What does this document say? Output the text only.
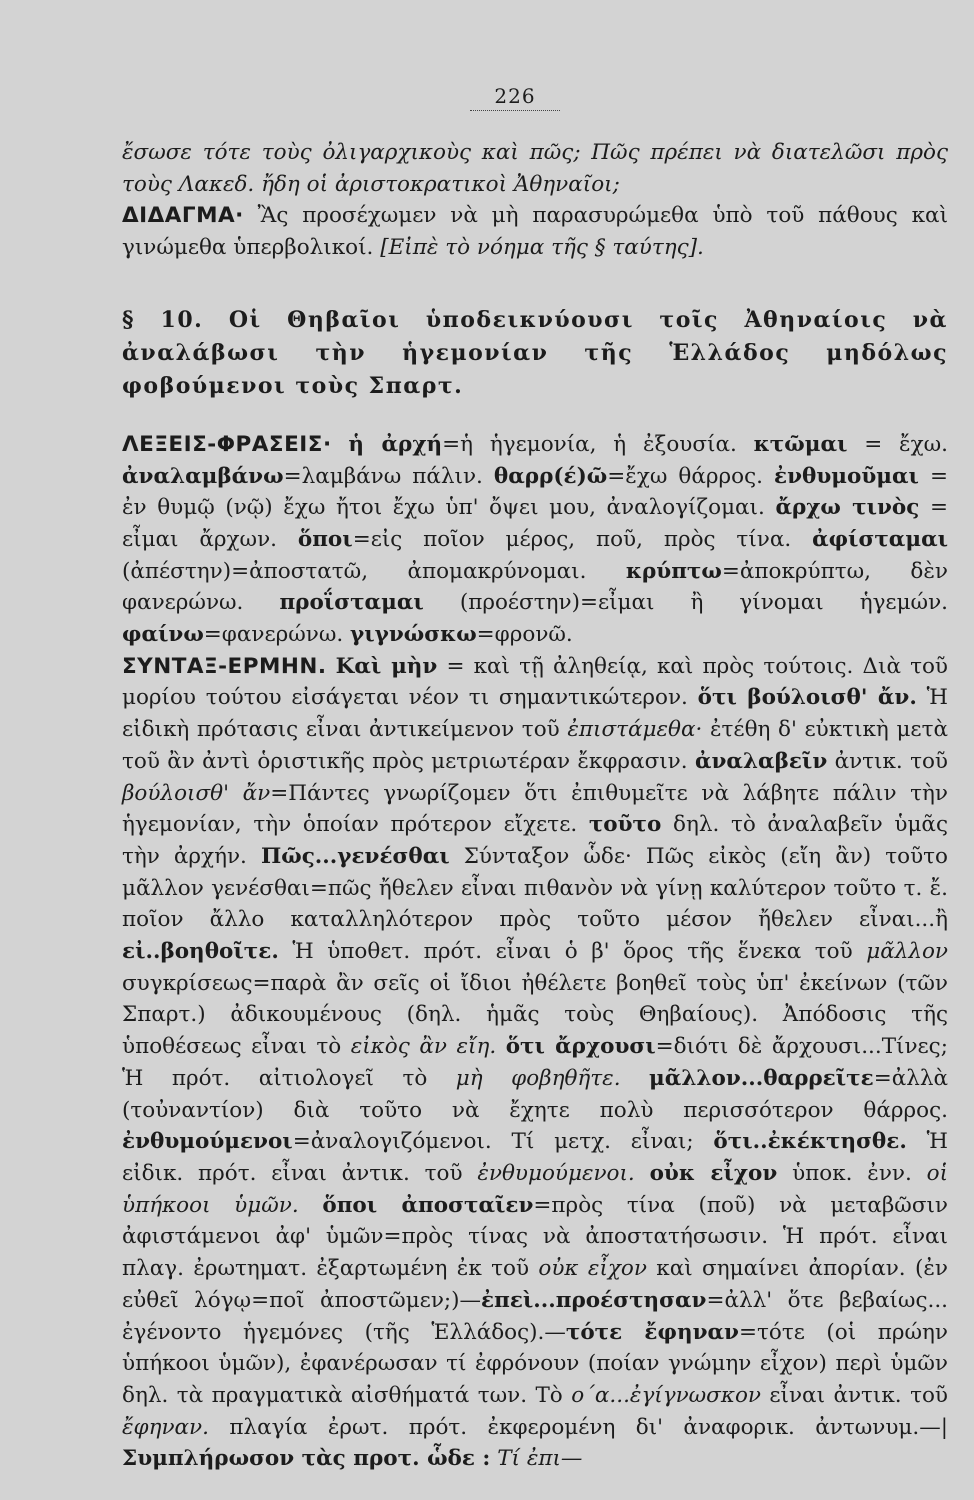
226

ἔσωσε τότε τοὺς ὀλιγαρχικοὺς καὶ πῶς; Πῶς πρέπει νὰ διατελῶσι πρὸς τοὺς Λακεδ. ἤδη οἱ ἀριστοκρατικοὶ Ἀθηναῖοι;

ΔΙΔΑΓΜΑ· Ἂς προσέχωμεν νὰ μὴ παρασυρώμεθα ὑπὸ τοῦ πάθους καὶ γινώμεθα ὑπερβολικοί. [Εἰπὲ τὸ νόημα τῆς § ταύτης].

§ 10. Οἱ Θηβαῖοι ὑποδεικνύουσι τοῖς Ἀθηναίοις νὰ ἀναλάβωσι τὴν ἡγεμονίαν τῆς Ἑλλάδος μηδόλως φοβούμενοι τοὺς Σπαρτ.

ΛΕΞΕΙΣ-ΦΡΑΣΕΙΣ· ἡ ἀρχή=ἡ ἡγεμονία, ἡ ἐξουσία. κτῶμαι = ἔχω. ἀναλαμβάνω=λαμβάνω πάλιν. θαρρ(έ)ῶ=ἔχω θάρρος. ἐνθυμοῦμαι = ἐν θυμῷ (νῷ) ἔχω ἤτοι ἔχω ὑπ' ὄψει μου, ἀναλογίζομαι. ἄρχω τινὸς = εἶμαι ἄρχων. ὅποι=εἰς ποῖον μέρος, ποῦ, πρὸς τίνα. ἀφίσταμαι (ἀπέστην)=ἀποστατῶ, ἀπομακρύνομαι. κρύπτω=ἀποκρύπτω, δὲν φανερώνω. προΐσταμαι (προέστην)=εἶμαι ἢ γίνομαι ἡγεμών. φαίνω=φανερώνω. γιγνώσκω=φρονῶ.

ΣΥΝΤΑΞ-ΕΡΜΗΝ. Καὶ μὴν = καὶ τῇ ἀληθείᾳ, καὶ πρὸς τούτοις. Διὰ τοῦ μορίου τούτου εἰσάγεται νέον τι σημαντικώτερον. ὅτι βούλοισθ' ἄν. Ἡ εἰδικὴ πρότασις εἶναι ἀντικείμενον τοῦ ἐπιστάμεθα· ἐτέθη δ' εὐκτικὴ μετὰ τοῦ ἂν ἀντὶ ὁριστικῆς πρὸς μετριωτέραν ἔκφρασιν. ἀναλαβεῖν ἀντικ. τοῦ βούλοισθ' ἄν=Πάντες γνωρίζομεν ὅτι ἐπιθυμεῖτε νὰ λάβητε πάλιν τὴν ἡγεμονίαν, τὴν ὁποίαν πρότερον εἴχετε. τοῦτο δηλ. τὸ ἀναλαβεῖν ὑμᾶς τὴν ἀρχήν. Πῶς...γενέσθαι Σύνταξον ὧδε· Πῶς εἰκὸς (εἴη ἂν) τοῦτο μᾶλλον γενέσθαι=πῶς ἤθελεν εἶναι πιθανὸν νὰ γίνῃ καλύτερον τοῦτο τ. ἔ. ποῖον ἄλλο καταλληλότερον πρὸς τοῦτο μέσον ἤθελεν εἶναι...ἢ εἰ..βοηθοῖτε. Ἡ ὑποθετ. πρότ. εἶναι ὁ β' ὅρος τῆς ἕνεκα τοῦ μᾶλλον συγκρίσεως=παρὰ ἂν σεῖς οἱ ἴδιοι ἠθέλετε βοηθεῖ τοὺς ὑπ' ἐκείνων (τῶν Σπαρτ.) ἀδικουμένους (δηλ. ἡμᾶς τοὺς Θηβαίους). Ἀπόδοσις τῆς ὑποθέσεως εἶναι τὸ εἰκὸς ἂν εἴη. ὅτι ἄρχουσι=διότι δὲ ἄρχουσι...Τίνες; Ἡ πρότ. αἰτιολογεῖ τὸ μὴ φοβηθῆτε. μᾶλλον...θαρρεῖτε=ἀλλὰ (τοὐναντίον) διὰ τοῦτο νὰ ἔχητε πολὺ περισσότερον θάρρος. ἐνθυμούμενοι=ἀναλογιζόμενοι. Τί μετχ. εἶναι; ὅτι..ἐκέκτησθε. Ἡ εἰδικ. πρότ. εἶναι ἀντικ. τοῦ ἐνθυμούμενοι. οὐκ εἶχον ὑποκ. ἐνν. οἱ ὑπήκοοι ὑμῶν. ὅποι ἀποσταῖεν=πρὸς τίνα (ποῦ) νὰ μεταβῶσιν ἀφιστάμενοι ἀφ' ὑμῶν=πρὸς τίνας νὰ ἀποστατήσωσιν. Ἡ πρότ. εἶναι πλαγ. ἐρωτηματ. ἐξαρτωμένη ἐκ τοῦ οὐκ εἶχον καὶ σημαίνει ἀπορίαν. (ἐν εὐθεῖ λόγῳ=ποῖ ἀποστῶμεν;)—ἐπεὶ...προέστησαν=ἀλλ' ὅτε βεβαίως... ἐγένοντο ἡγεμόνες (τῆς Ἑλλάδος).—τότε ἔφηναν=τότε (οἱ πρώην ὑπήκοοι ὑμῶν), ἐφανέρωσαν τί ἐφρόνουν (ποίαν γνώμην εἶχον) περὶ ὑμῶν δηλ. τὰ πραγματικὰ αἰσθήματά των. Τὸ ο΄α...ἐγίγνωσκον εἶναι ἀντικ. τοῦ ἔφηναν. πλαγία ἐρωτ. πρότ. ἐκφερομένη δι' ἀναφορικ. ἀντωνυμ.—|Συμπλήρωσον τὰς προτ. ὧδε : Τί ἐπι—
